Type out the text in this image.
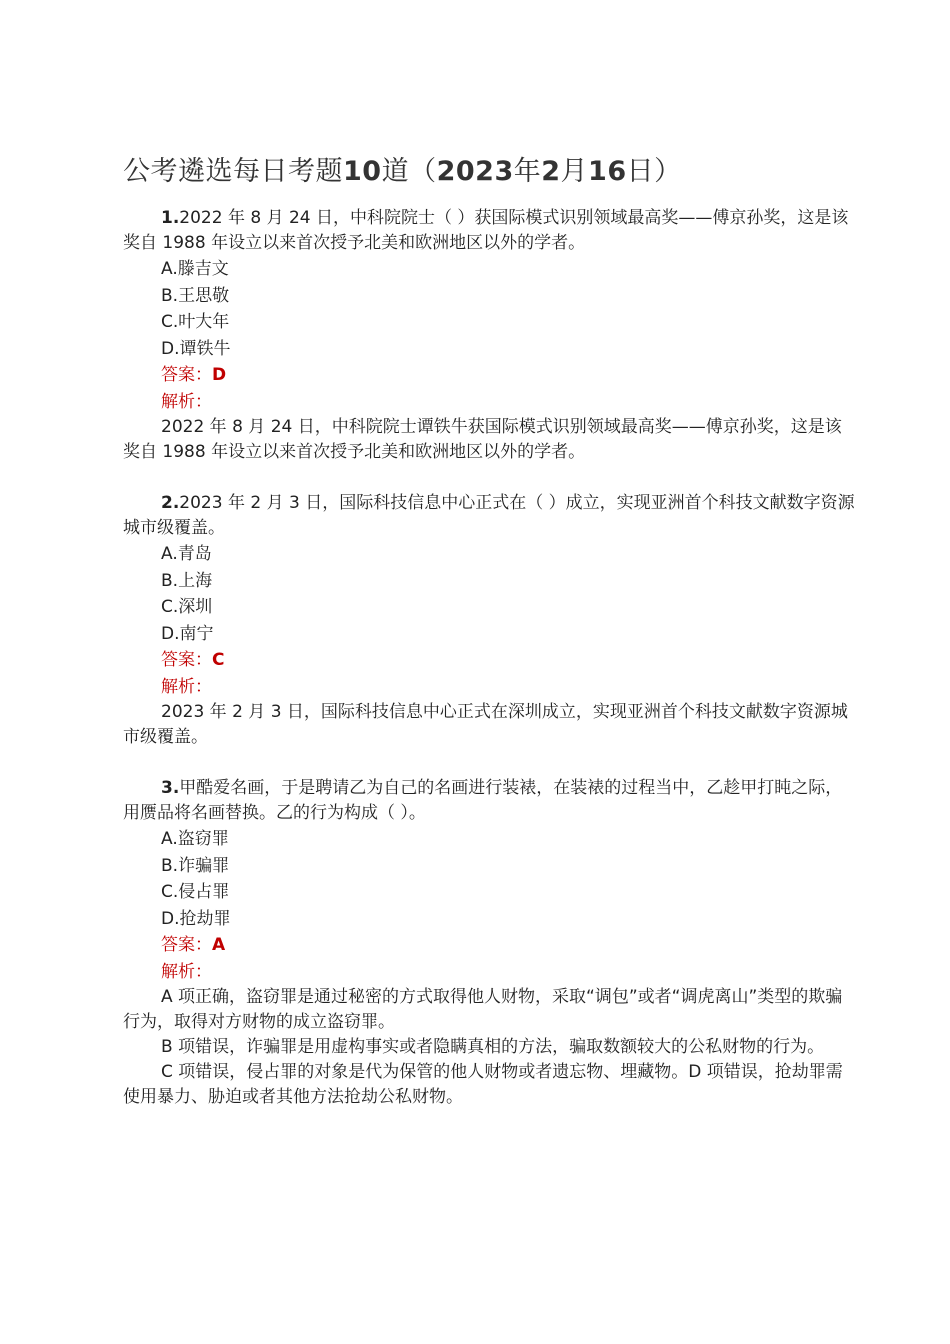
公考遴选每日考题10道（2023年2月16日）

1.2022 年 8 月 24 日，中科院院士（ ）获国际模式识别领域最高奖——傅京孙奖，这是该奖自 1988 年设立以来首次授予北美和欧洲地区以外的学者。

A.滕吉文

B.王思敬

C.叶大年

D.谭铁牛

答案：D

解析：

2022 年 8 月 24 日，中科院院士谭铁牛获国际模式识别领域最高奖——傅京孙奖，这是该奖自 1988 年设立以来首次授予北美和欧洲地区以外的学者。

2.2023 年 2 月 3 日，国际科技信息中心正式在（ ）成立，实现亚洲首个科技文献数字资源城市级覆盖。

A.青岛

B.上海

C.深圳

D.南宁

答案：C

解析：

2023 年 2 月 3 日，国际科技信息中心正式在深圳成立，实现亚洲首个科技文献数字资源城市级覆盖。

3.甲酷爱名画，于是聘请乙为自己的名画进行装裱，在装裱的过程当中，乙趁甲打盹之际，用赝品将名画替换。乙的行为构成（ ）。

A.盗窃罪

B.诈骗罪

C.侵占罪

D.抢劫罪

答案：A

解析：

A 项正确，盗窃罪是通过秘密的方式取得他人财物，采取“调包”或者“调虎离山”类型的欺骗行为，取得对方财物的成立盗窃罪。

B 项错误，诈骗罪是用虚构事实或者隐瞒真相的方法，骗取数额较大的公私财物的行为。

C 项错误，侵占罪的对象是代为保管的他人财物或者遗忘物、埋藏物。D 项错误，抢劫罪需使用暴力、胁迫或者其他方法抢劫公私财物。
